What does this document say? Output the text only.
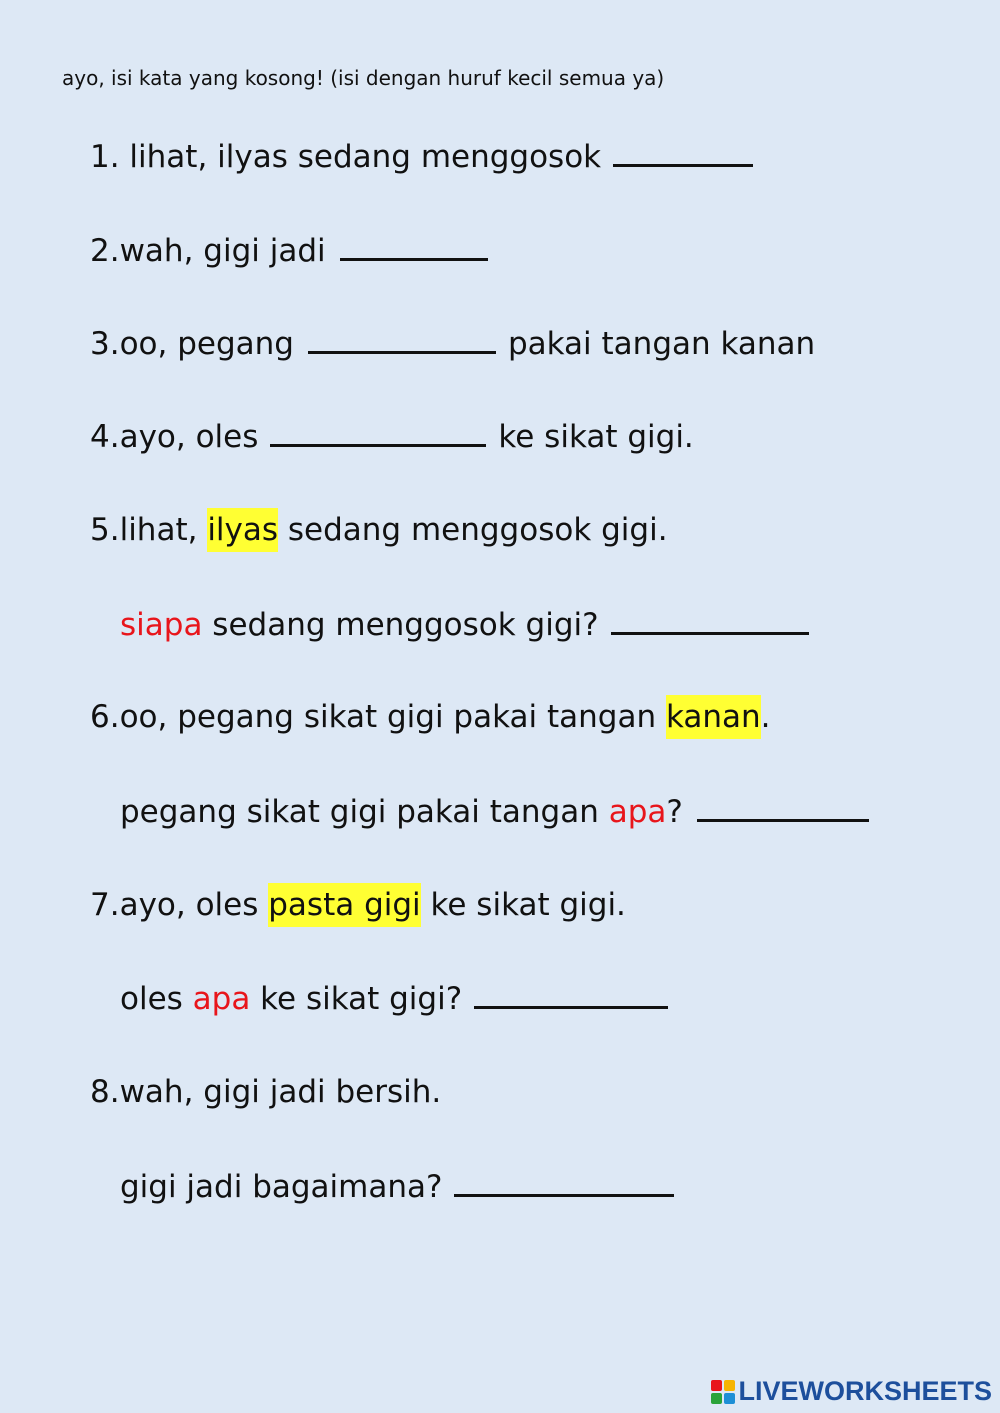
ayo, isi kata yang kosong! (isi dengan huruf kecil semua ya)
1. lihat, ilyas sedang menggosok
2.wah, gigi jadi
3.oo, pegang	pakai tangan kanan
4.ayo, oles	ke sikat gigi.
5.lihat, ilyas sedang menggosok gigi.
siapa sedang menggosok gigi?
6.oo, pegang sikat gigi pakai tangan kanan .
pegang sikat gigi pakai tangan apa ?
7.ayo, oles pasta gigi ke sikat gigi.
oles apa ke sikat gigi?
8.wah, gigi jadi bersih.
gigi jadi bagaimana?
LIVEWORKSHEETS
